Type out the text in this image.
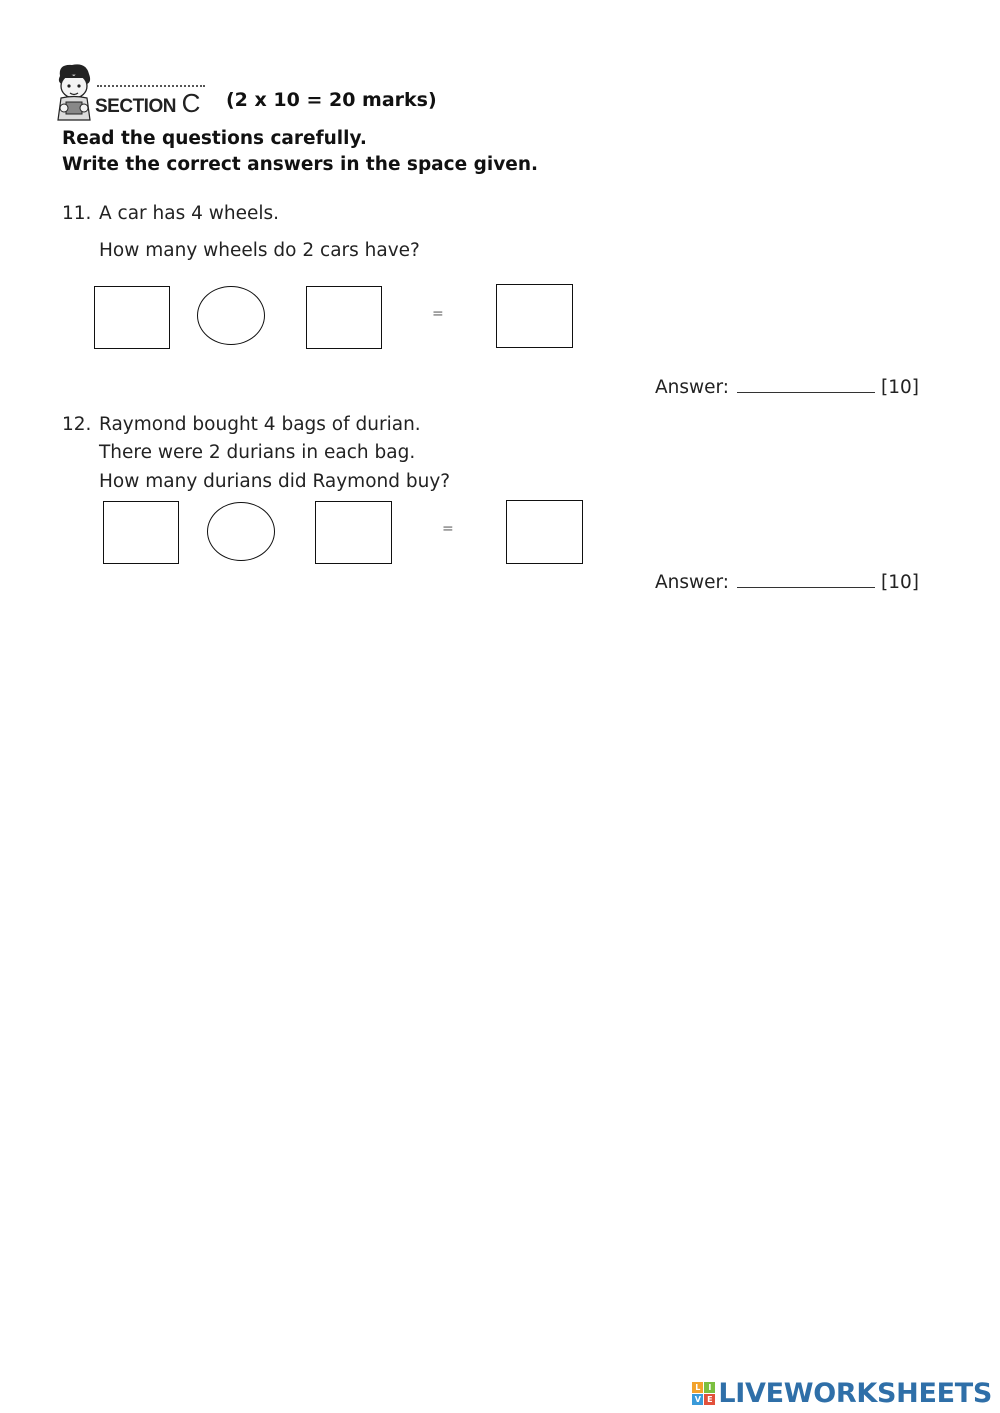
SECTION C (2 x 10 = 20 marks)
Read the questions carefully.
Write the correct answers in the space given.
11. A car has 4 wheels.
How many wheels do 2 cars have?
=
Answer:	[10]
12. Raymond bought 4 bags of durian.
There were 2 durians in each bag.
How many durians did Raymond buy?
=
Answer:	[10]
L I
V E LIVEWORKSHEETS
